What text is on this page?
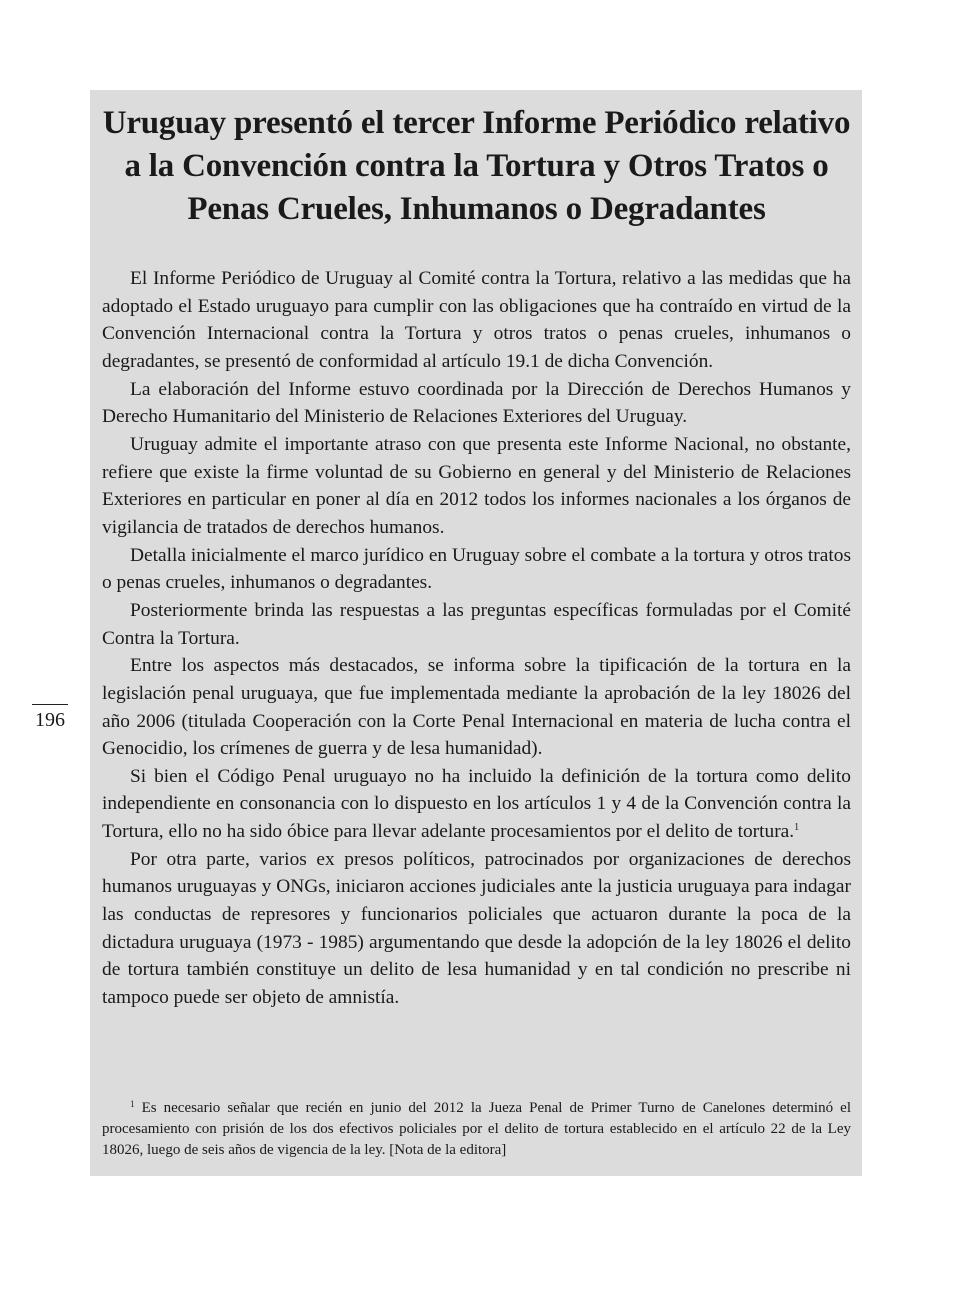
196
Uruguay presentó el tercer Informe Periódico relativo a la Convención contra la Tortura y Otros Tratos o Penas Crueles, Inhumanos o Degradantes

El Informe Periódico de Uruguay al Comité contra la Tortura, relativo a las medidas que ha adoptado el Estado uruguayo para cumplir con las obligaciones que ha contraído en virtud de la Convención Internacional contra la Tortura y otros tratos o penas crueles, inhumanos o degradantes, se presentó de conformidad al artículo 19.1 de dicha Convención.

La elaboración del Informe estuvo coordinada por la Dirección de Derechos Humanos y Derecho Humanitario del Ministerio de Relaciones Exteriores del Uruguay.

Uruguay admite el importante atraso con que presenta este Informe Nacional, no obstante, refiere que existe la firme voluntad de su Gobierno en general y del Ministerio de Relaciones Exteriores en particular en poner al día en 2012 todos los informes nacionales a los órganos de vigilancia de tratados de derechos humanos.

Detalla inicialmente el marco jurídico en Uruguay sobre el combate a la tortura y otros tratos o penas crueles, inhumanos o degradantes.

Posteriormente brinda las respuestas a las preguntas específicas formuladas por el Comité Contra la Tortura.

Entre los aspectos más destacados, se informa sobre la tipificación de la tortura en la legislación penal uruguaya, que fue implementada mediante la aprobación de la ley 18026 del año 2006 (titulada Cooperación con la Corte Penal Internacional en materia de lucha contra el Genocidio, los crímenes de guerra y de lesa humanidad).

Si bien el Código Penal uruguayo no ha incluido la definición de la tortura como delito independiente en consonancia con lo dispuesto en los artículos 1 y 4 de la Convención contra la Tortura, ello no ha sido óbice para llevar adelante procesamientos por el delito de tortura.$^1$

Por otra parte, varios ex presos políticos, patrocinados por organizaciones de derechos humanos uruguayas y ONGs, iniciaron acciones judiciales ante la justicia uruguaya para indagar las conductas de represores y funcionarios policiales que actuaron durante la poca de la dictadura uruguaya (1973 - 1985) argumentando que desde la adopción de la ley 18026 el delito de tortura también constituye un delito de lesa humanidad y en tal condición no prescribe ni tampoco puede ser objeto de amnistía.

$^1$ Es necesario señalar que recién en junio del 2012 la Jueza Penal de Primer Turno de Canelones determinó el procesamiento con prisión de los dos efectivos policiales por el delito de tortura establecido en el artículo 22 de la Ley 18026, luego de seis años de vigencia de la ley. [Nota de la editora]
